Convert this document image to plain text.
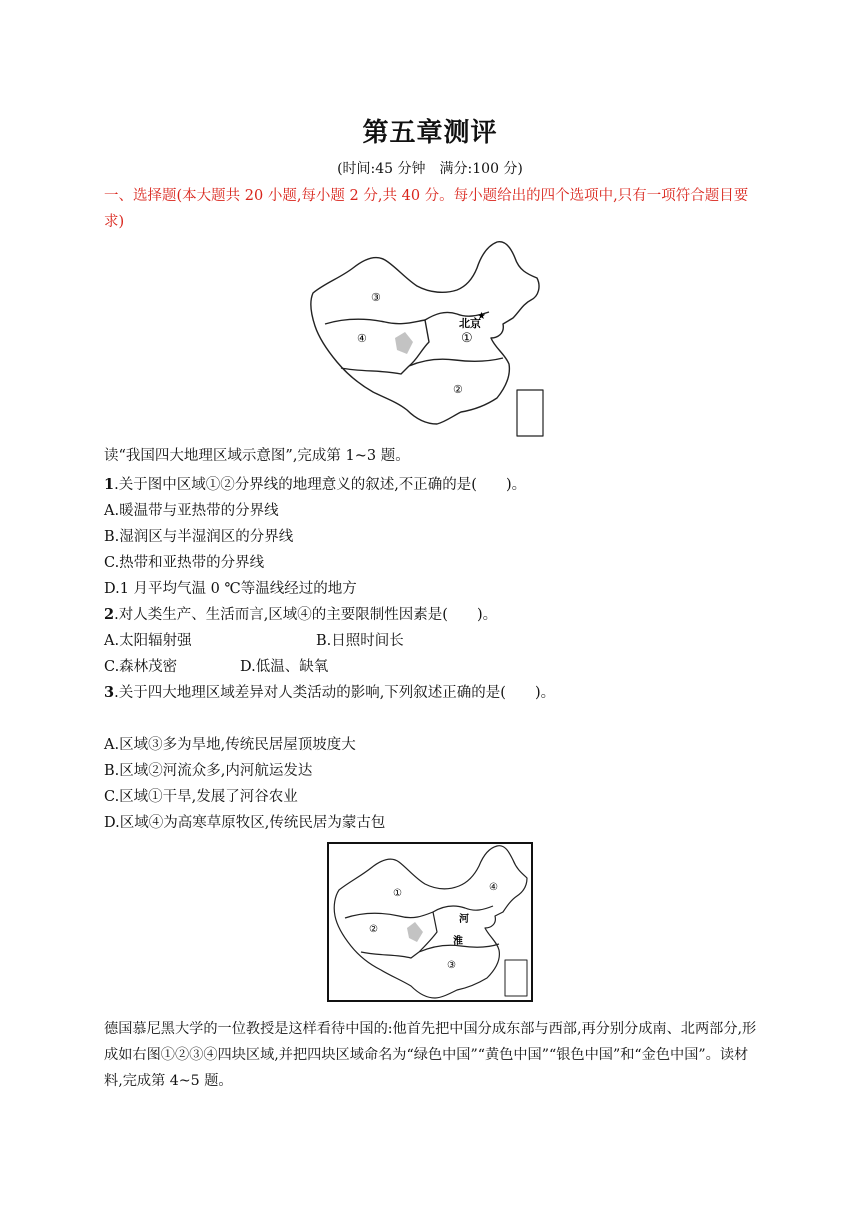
第五章测评
(时间:45 分钟　满分:100 分)
一、选择题(本大题共 20 小题,每小题 2 分,共 40 分。每小题给出的四个选项中,只有一项符合题目要求)
③
④	①
②
北京
★
读“我国四大地理区域示意图”,完成第 1~3 题。
1.关于图中区域①②分界线的地理意义的叙述,不正确的是(　　)。
A.暖温带与亚热带的分界线
B.湿润区与半湿润区的分界线
C.热带和亚热带的分界线
D.1 月平均气温 0 ℃等温线经过的地方
2.对人类生产、生活而言,区域④的主要限制性因素是(　　)。
A.太阳辐射强	B.日照时间长
C.森林茂密	D.低温、缺氧
3.关于四大地理区域差异对人类活动的影响,下列叙述正确的是(　　)。
A.区域③多为旱地,传统民居屋顶坡度大
B.区域②河流众多,内河航运发达
C.区域①干旱,发展了河谷农业
D.区域④为高寒草原牧区,传统民居为蒙古包
①
②
③
④
河
淮
德国慕尼黑大学的一位教授是这样看待中国的:他首先把中国分成东部与西部,再分别分成南、北两部分,形成如右图①②③④四块区域,并把四块区域命名为“绿色中国”“黄色中国”“银色中国”和“金色中国”。读材料,完成第 4~5 题。
